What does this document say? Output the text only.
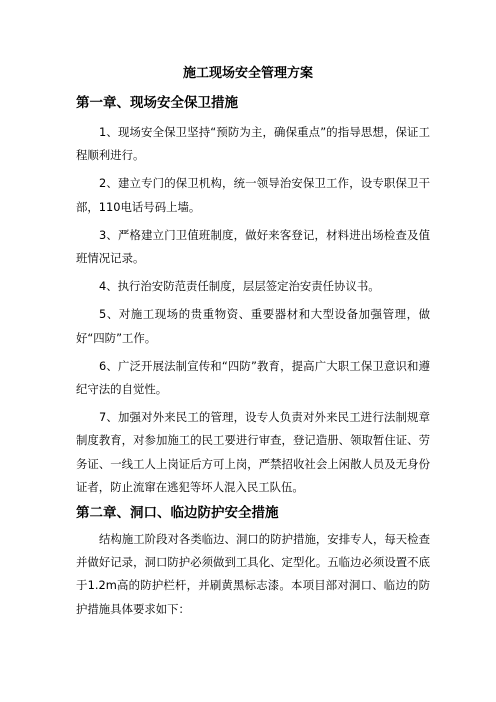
施工现场安全管理方案
第一章、现场安全保卫措施

1、现场安全保卫坚持“预防为主，确保重点”的指导思想，保证工程顺利进行。

2、建立专门的保卫机构，统一领导治安保卫工作，设专职保卫干部，110电话号码上墙。

3、严格建立门卫值班制度，做好来客登记，材料进出场检查及值班情况记录。

4、执行治安防范责任制度，层层签定治安责任协议书。

5、对施工现场的贵重物资、重要器材和大型设备加强管理，做好“四防”工作。

6、广泛开展法制宣传和“四防”教育，提高广大职工保卫意识和遵纪守法的自觉性。

7、加强对外来民工的管理，设专人负责对外来民工进行法制规章制度教育，对参加施工的民工要进行审查，登记造册、领取暂住证、劳务证、一线工人上岗证后方可上岗，严禁招收社会上闲散人员及无身份证者，防止流窜在逃犯等坏人混入民工队伍。

第二章、洞口、临边防护安全措施

结构施工阶段对各类临边、洞口的防护措施，安排专人，每天检查并做好记录，洞口防护必须做到工具化、定型化。五临边必须设置不底于1.2m高的防护栏杆，并刷黄黑标志漆。本项目部对洞口、临边的防护措施具体要求如下：
